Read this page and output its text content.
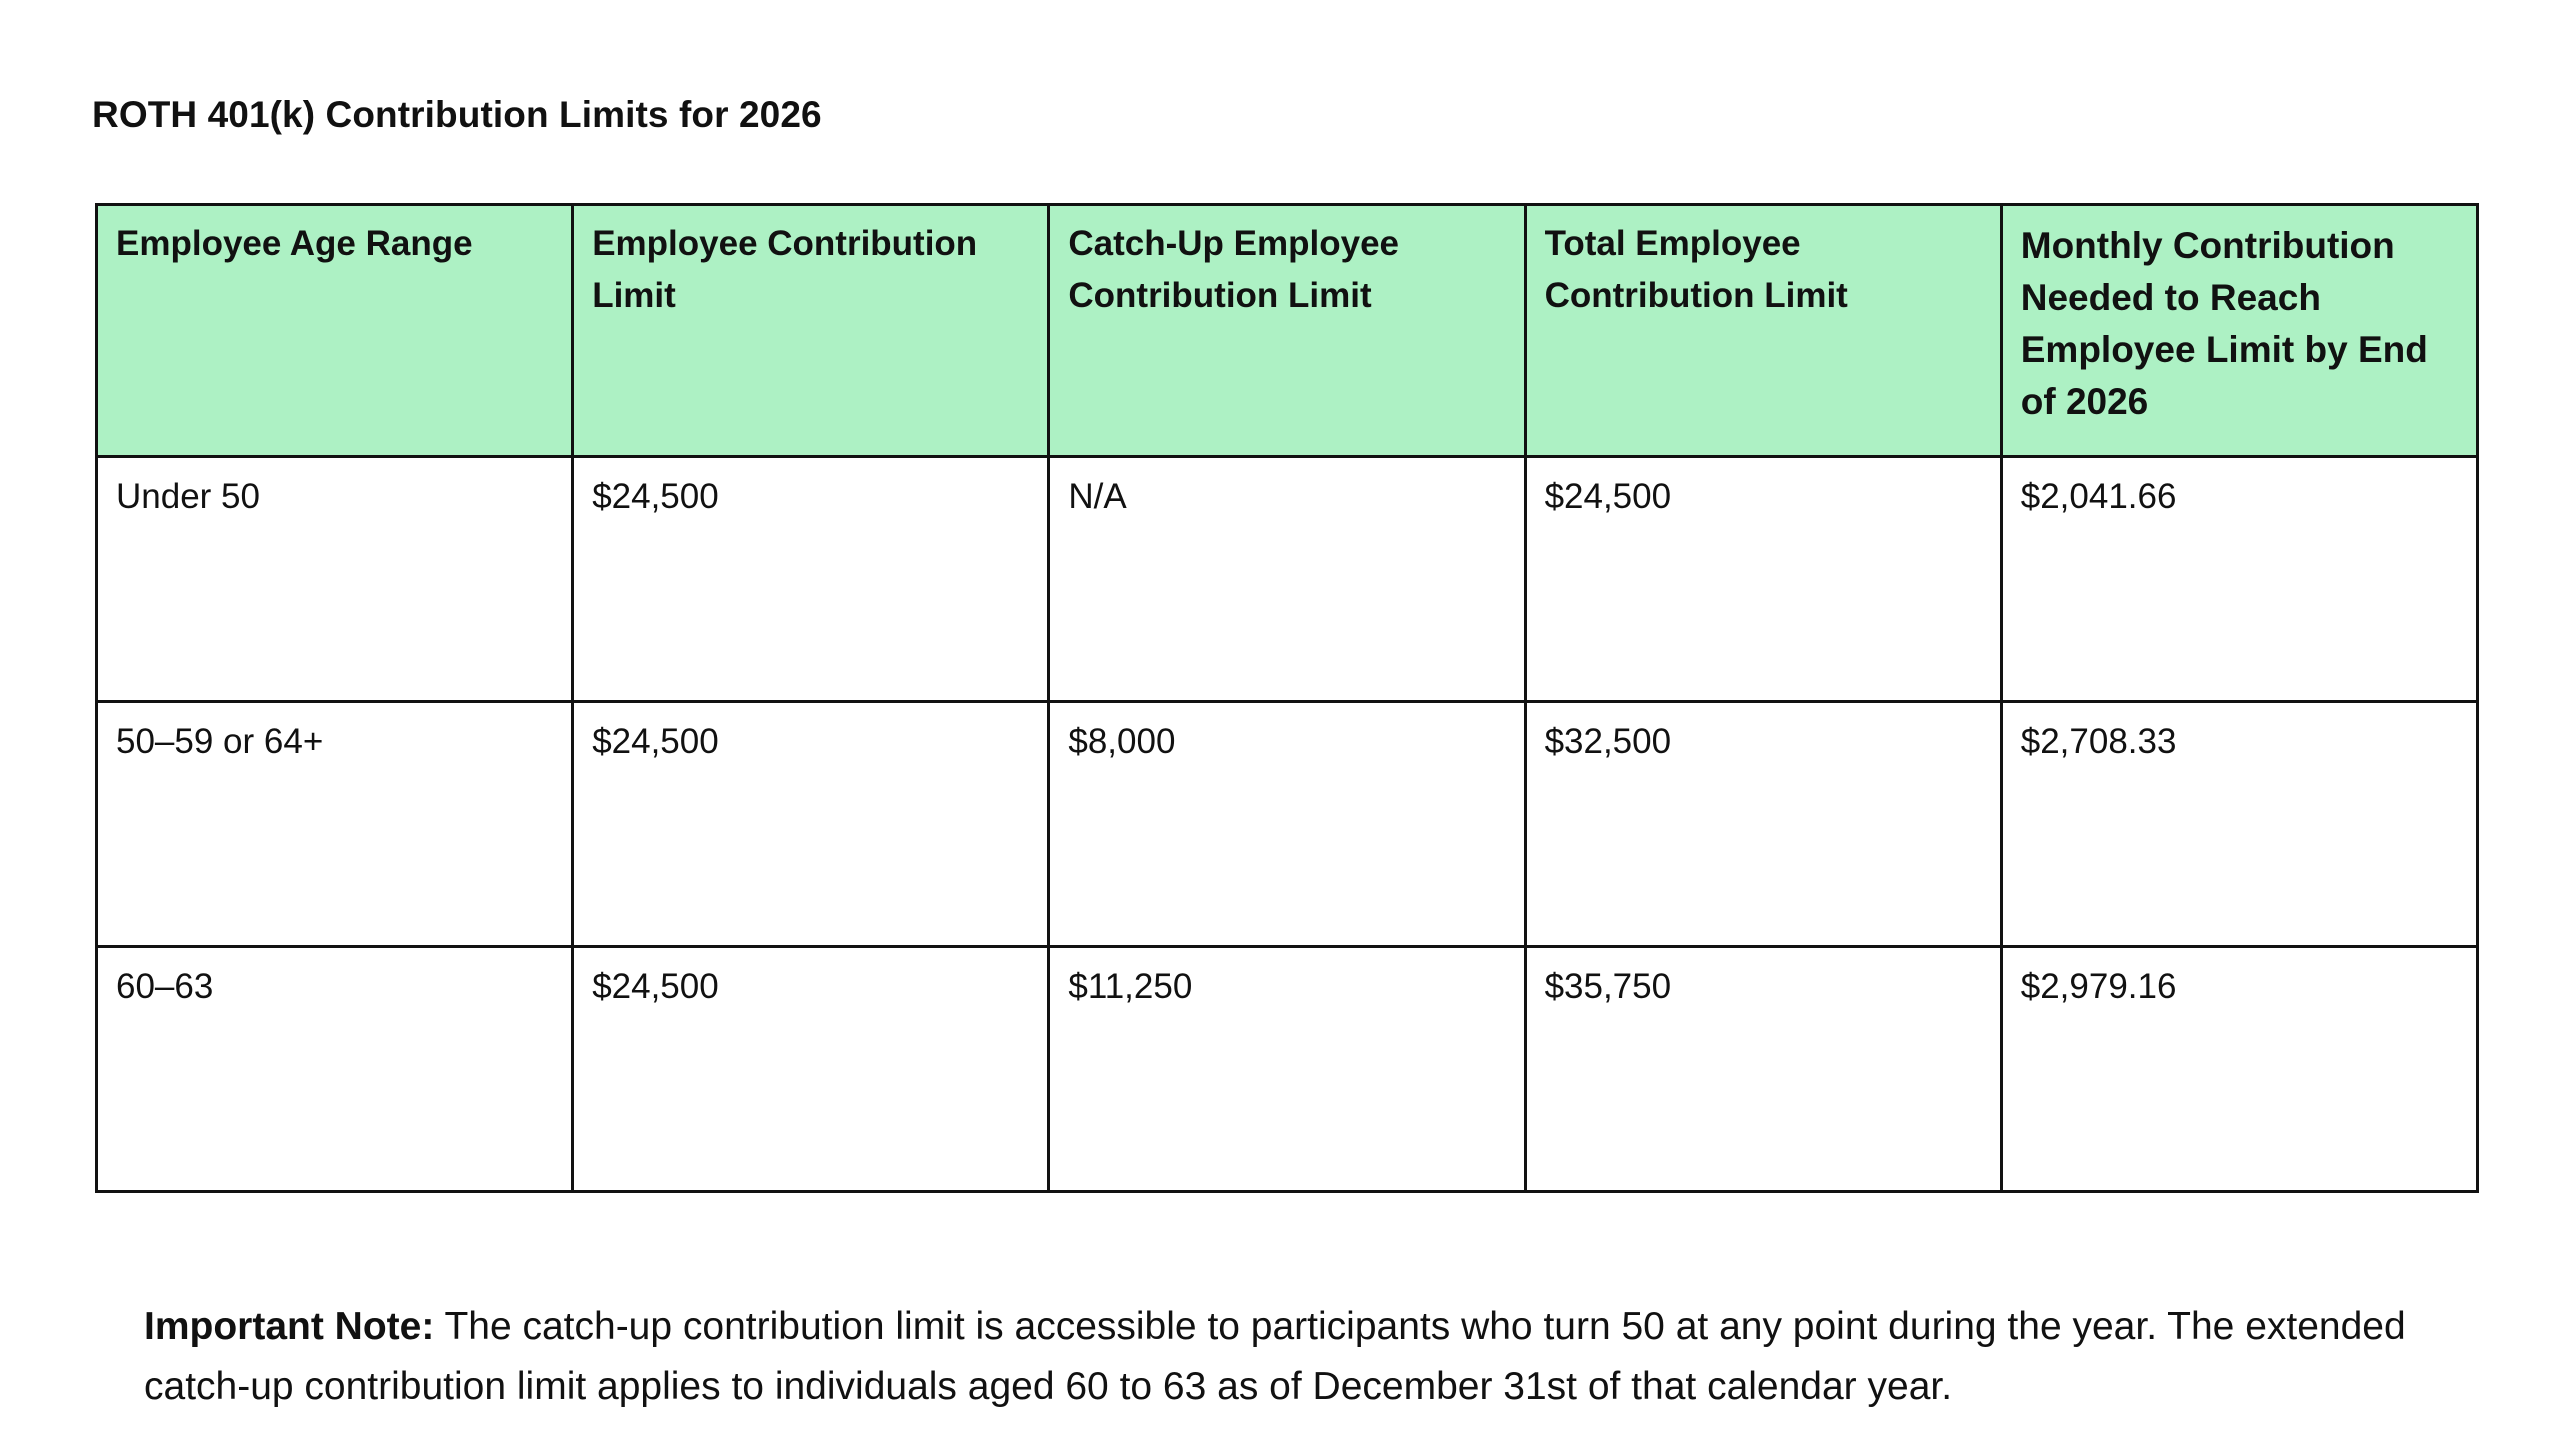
ROTH 401(k) Contribution Limits for 2026
Employee Age Range	Employee Contribution Limit	Catch-Up Employee Contribution Limit	Total Employee Contribution Limit	Monthly Contribution Needed to Reach Employee Limit by End of 2026
Under 50	$24,500	N/A	$24,500	$2,041.66
50–59 or 64+	$24,500	$8,000	$32,500	$2,708.33
60–63	$24,500	$11,250	$35,750	$2,979.16

Important Note: The catch-up contribution limit is accessible to participants who turn 50 at any point during the year. The extended catch-up contribution limit applies to individuals aged 60 to 63 as of December 31st of that calendar year.
